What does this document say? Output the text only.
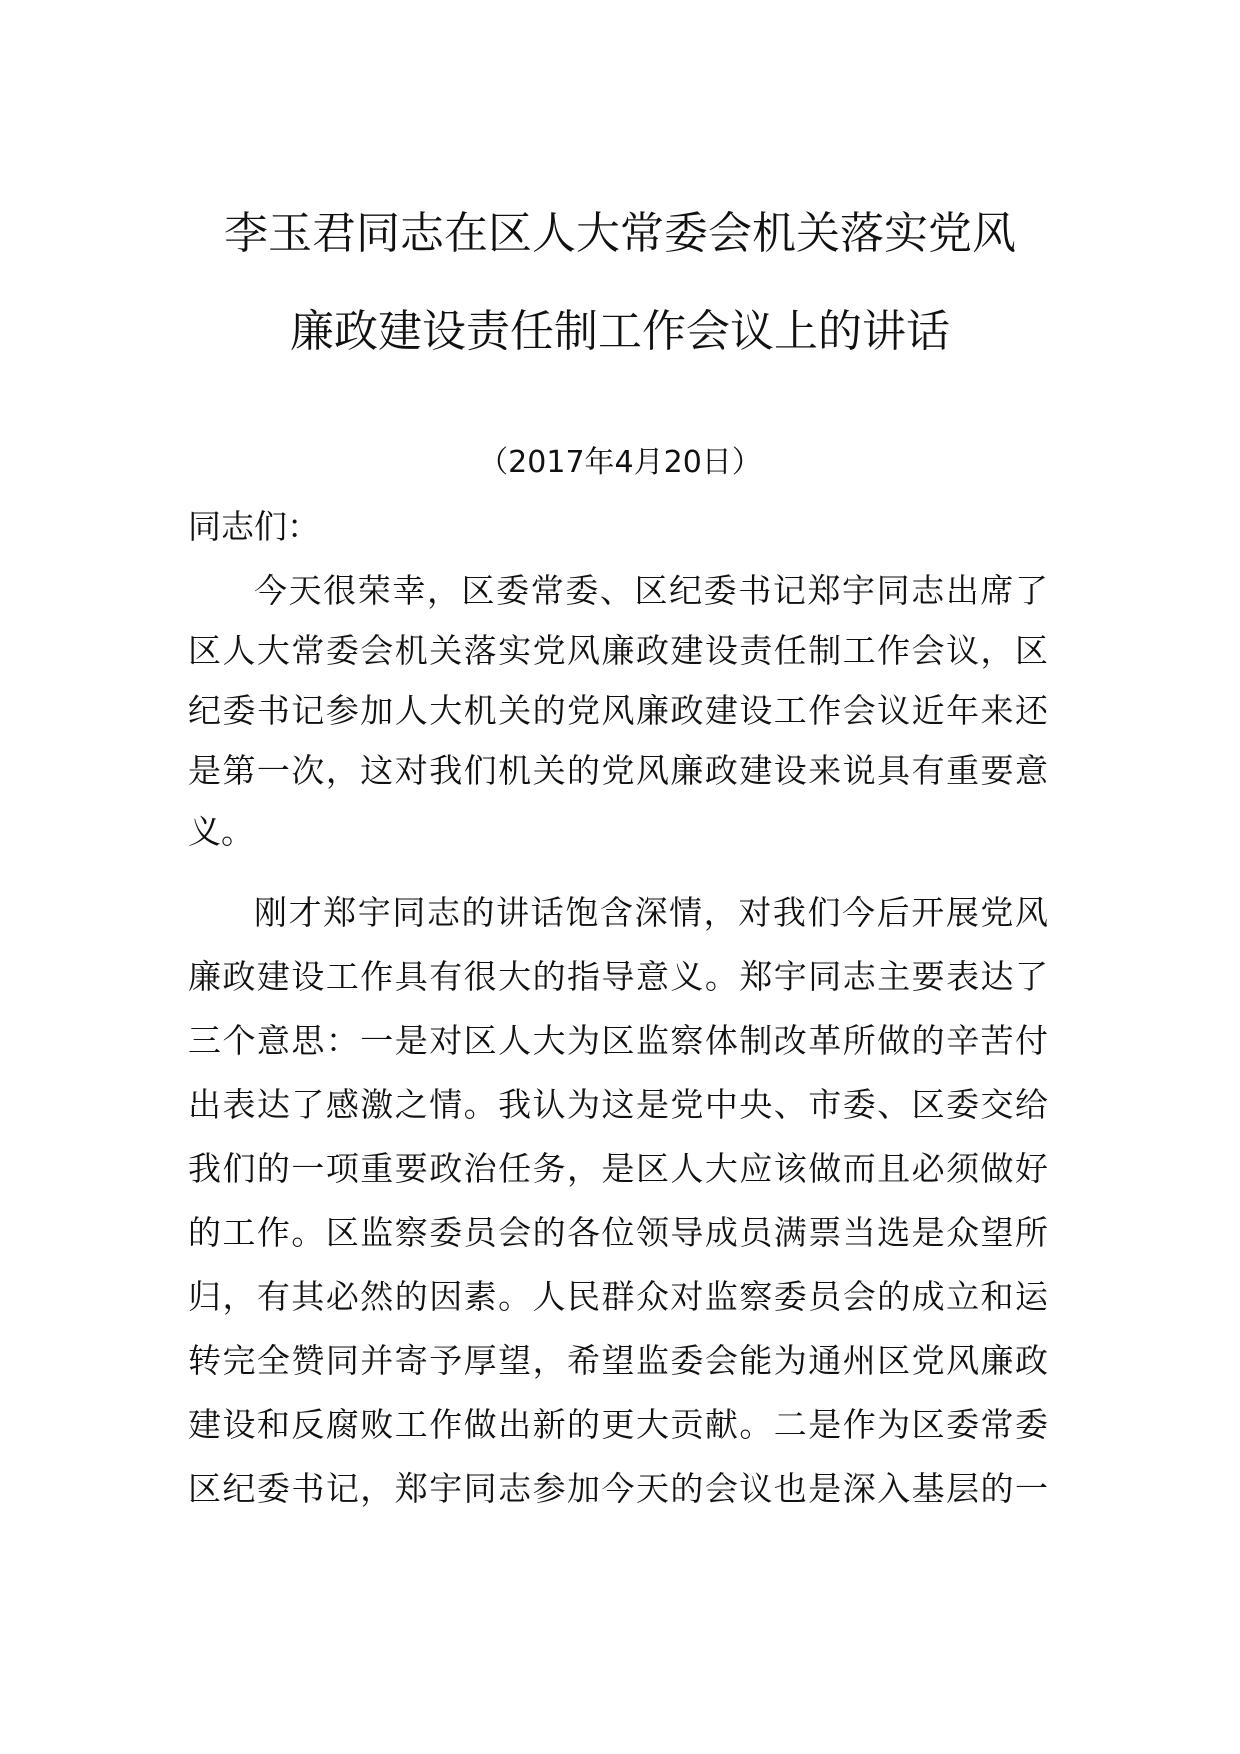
李玉君同志在区人大常委会机关落实党风
廉政建设责任制工作会议上的讲话
（2017年4月20日）
同志们：
今天很荣幸，区委常委、区纪委书记郑宇同志出席了
区人大常委会机关落实党风廉政建设责任制工作会议，区
纪委书记参加人大机关的党风廉政建设工作会议近年来还
是第一次，这对我们机关的党风廉政建设来说具有重要意
义。
刚才郑宇同志的讲话饱含深情，对我们今后开展党风
廉政建设工作具有很大的指导意义。郑宇同志主要表达了
三个意思：一是对区人大为区监察体制改革所做的辛苦付
出表达了感激之情。我认为这是党中央、市委、区委交给
我们的一项重要政治任务，是区人大应该做而且必须做好
的工作。区监察委员会的各位领导成员满票当选是众望所
归，有其必然的因素。人民群众对监察委员会的成立和运
转完全赞同并寄予厚望，希望监委会能为通州区党风廉政
建设和反腐败工作做出新的更大贡献。二是作为区委常委
区纪委书记，郑宇同志参加今天的会议也是深入基层的一
